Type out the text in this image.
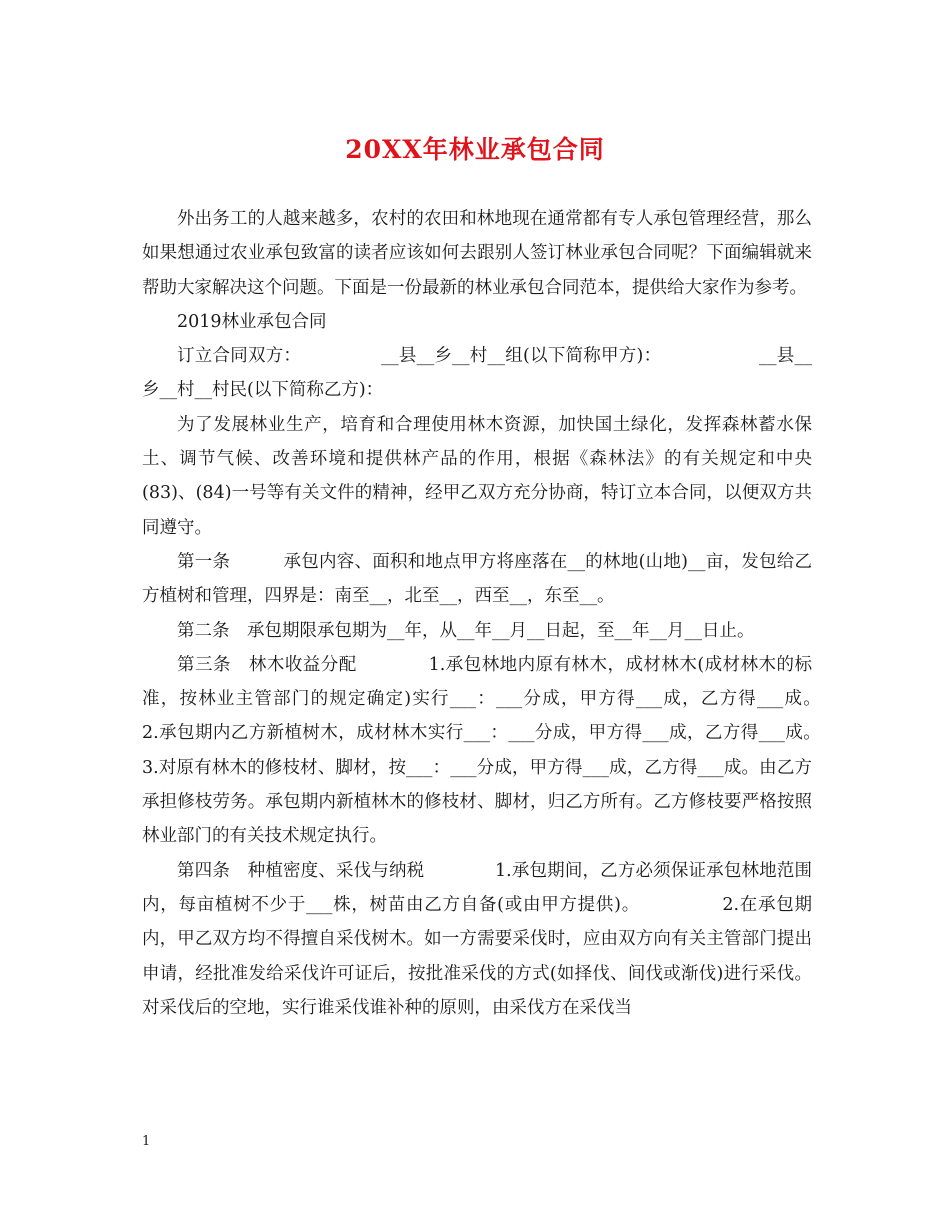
20XX年林业承包合同

外出务工的人越来越多，农村的农田和林地现在通常都有专人承包管理经营，那么如果想通过农业承包致富的读者应该如何去跟别人签订林业承包合同呢？下面编辑就来帮助大家解决这个问题。下面是一份最新的林业承包合同范本，提供给大家作为参考。

2019林业承包合同

订立合同双方：　　　　　__县__乡__村__组(以下简称甲方)：　　　　　　__县__乡__村__村民(以下简称乙方)：

为了发展林业生产，培育和合理使用林木资源，加快国土绿化，发挥森林蓄水保土、调节气候、改善环境和提供林产品的作用，根据《森林法》的有关规定和中央(83)、(84)一号等有关文件的精神，经甲乙双方充分协商，特订立本合同，以便双方共同遵守。

第一条　　　承包内容、面积和地点甲方将座落在__的林地(山地)__亩，发包给乙方植树和管理，四界是：南至__，北至__，西至__，东至__。

第二条　承包期限承包期为__年，从__年__月__日起，至__年__月__日止。

第三条　林木收益分配　　　　1.承包林地内原有林木，成材林木(成材林木的标准，按林业主管部门的规定确定)实行___：___分成，甲方得___成，乙方得___成。　　　　2.承包期内乙方新植树木，成材林木实行___：___分成，甲方得___成，乙方得___成。　　　　　3.对原有林木的修枝材、脚材，按___：___分成，甲方得___成，乙方得___成。由乙方承担修枝劳务。承包期内新植林木的修枝材、脚材，归乙方所有。乙方修枝要严格按照林业部门的有关技术规定执行。

第四条　种植密度、采伐与纳税　　　　1.承包期间，乙方必须保证承包林地范围内，每亩植树不少于___株，树苗由乙方自备(或由甲方提供)。　　　　　2.在承包期内，甲乙双方均不得擅自采伐树木。如一方需要采伐时，应由双方向有关主管部门提出申请，经批准发给采伐许可证后，按批准采伐的方式(如择伐、间伐或渐伐)进行采伐。对采伐后的空地，实行谁采伐谁补种的原则，由采伐方在采伐当

1
